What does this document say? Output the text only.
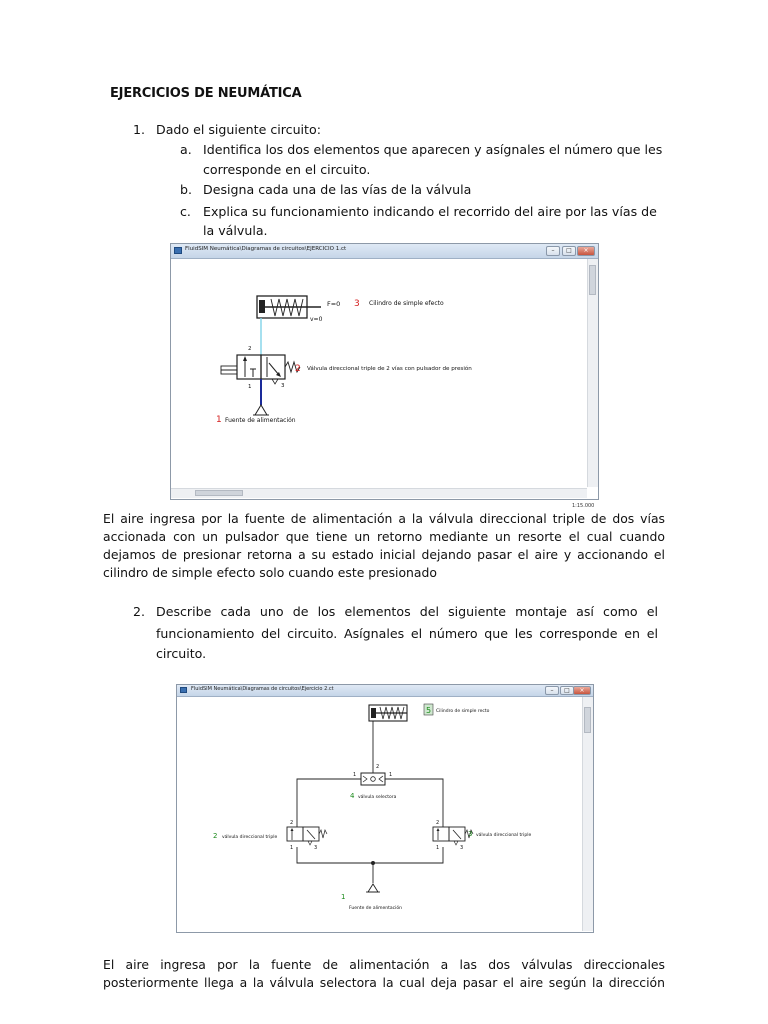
EJERCICIOS DE NEUMÁTICA
1. Dado el siguiente circuito:
a. Identifica los dos elementos que aparecen y asígnales el número que les
corresponde en el circuito.
b. Designa cada una de las vías de la válvula
c. Explica su funcionamiento indicando el recorrido del aire por las vías de
la válvula.
FluidSIM Neumática\Diagramas de circuitos\EJERCICIO 1.ct	–	□	×
F=0
v=0
3 Cilindro de simple efecto
2
1	3
2 Válvula direccional triple de 2 vías con pulsador de presión
1 Fuente de alimentación
1:15.000
El aire ingresa por la fuente de alimentación a la válvula direccional triple de dos vías
accionada con un pulsador que tiene un retorno mediante un resorte el cual cuando
dejamos de presionar retorna a su estado inicial dejando pasar el aire y accionando el
cilindro de simple efecto solo cuando este presionado
2. Describe cada uno de los elementos del siguiente montaje así como el
funcionamiento del circuito. Asígnales el número que les corresponde en el
circuito.
FluidSIM Neumática\Diagramas de circuitos\Ejercicio 2.ct	–	□	×
5 Cilindro de simple recto
2
1	1
4 válvula selectora
2
1	3
2 válvula direccional triple
2
1	3
3 válvula direccional triple
1
Fuente de alimentación
El aire ingresa por la fuente de alimentación a las dos válvulas direccionales
posteriormente llega a la válvula selectora la cual deja pasar el aire según la dirección
